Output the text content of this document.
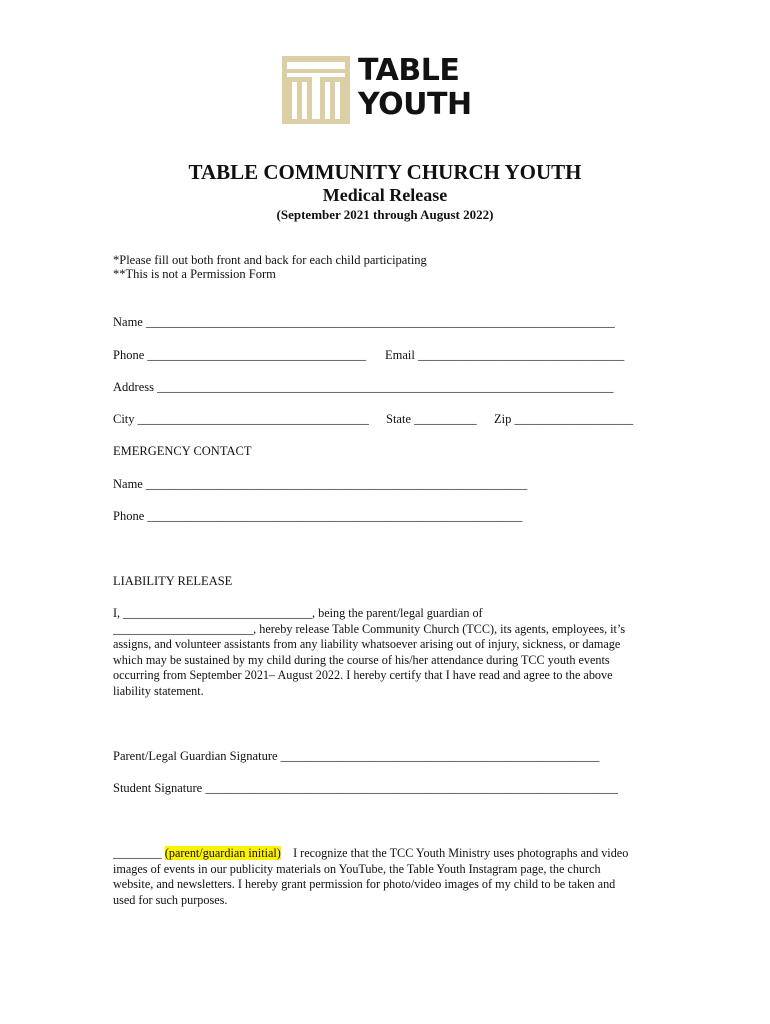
TABLE
YOUTH
TABLE COMMUNITY CHURCH YOUTH
Medical Release
(September 2021 through August 2022)
*Please fill out both front and back for each child participating
**This is not a Permission Form
Name ___________________________________________________________________________
Phone ___________________________________ Email _________________________________
Address _________________________________________________________________________
City _____________________________________ State __________ Zip ___________________
EMERGENCY CONTACT
Name _____________________________________________________________
Phone ____________________________________________________________
LIABILITY RELEASE
I, _______________________________, being the parent/legal guardian of
_______________________, hereby release Table Community Church (TCC), its agents, employees, it’s
assigns, and volunteer assistants from any liability whatsoever arising out of injury, sickness, or damage
which may be sustained by my child during the course of his/her attendance during TCC youth events
occurring from September 2021– August 2022. I hereby certify that I have read and agree to the above
liability statement.
Parent/Legal Guardian Signature ___________________________________________________
Student Signature __________________________________________________________________
________ (parent/guardian initial) I recognize that the TCC Youth Ministry uses photographs and video
images of events in our publicity materials on YouTube, the Table Youth Instagram page, the church
website, and newsletters. I hereby grant permission for photo/video images of my child to be taken and
used for such purposes.
